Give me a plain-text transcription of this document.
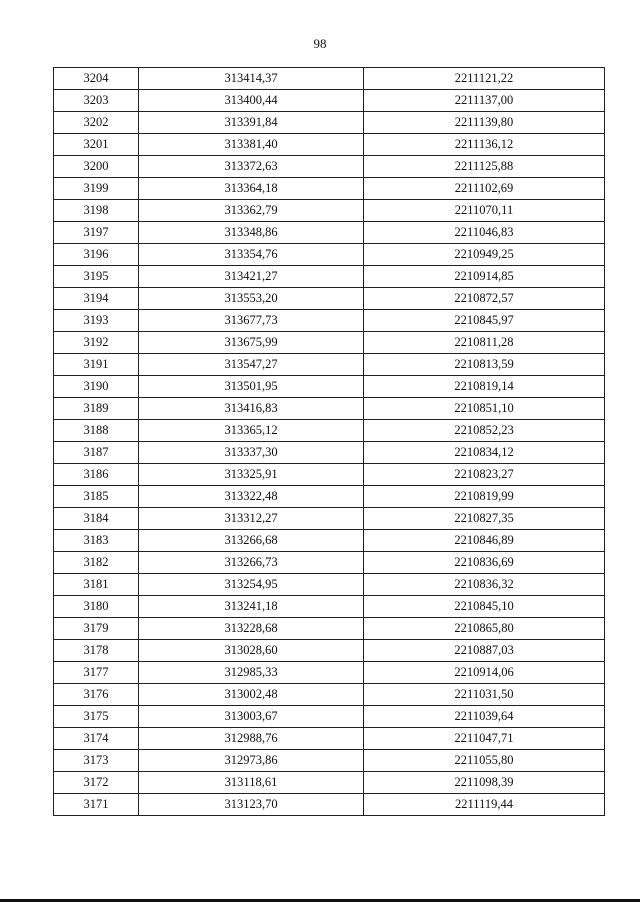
98
3204	313414,37	2211121,22
3203	313400,44	2211137,00
3202	313391,84	2211139,80
3201	313381,40	2211136,12
3200	313372,63	2211125,88
3199	313364,18	2211102,69
3198	313362,79	2211070,11
3197	313348,86	2211046,83
3196	313354,76	2210949,25
3195	313421,27	2210914,85
3194	313553,20	2210872,57
3193	313677,73	2210845,97
3192	313675,99	2210811,28
3191	313547,27	2210813,59
3190	313501,95	2210819,14
3189	313416,83	2210851,10
3188	313365,12	2210852,23
3187	313337,30	2210834,12
3186	313325,91	2210823,27
3185	313322,48	2210819,99
3184	313312,27	2210827,35
3183	313266,68	2210846,89
3182	313266,73	2210836,69
3181	313254,95	2210836,32
3180	313241,18	2210845,10
3179	313228,68	2210865,80
3178	313028,60	2210887,03
3177	312985,33	2210914,06
3176	313002,48	2211031,50
3175	313003,67	2211039,64
3174	312988,76	2211047,71
3173	312973,86	2211055,80
3172	313118,61	2211098,39
3171	313123,70	2211119,44
